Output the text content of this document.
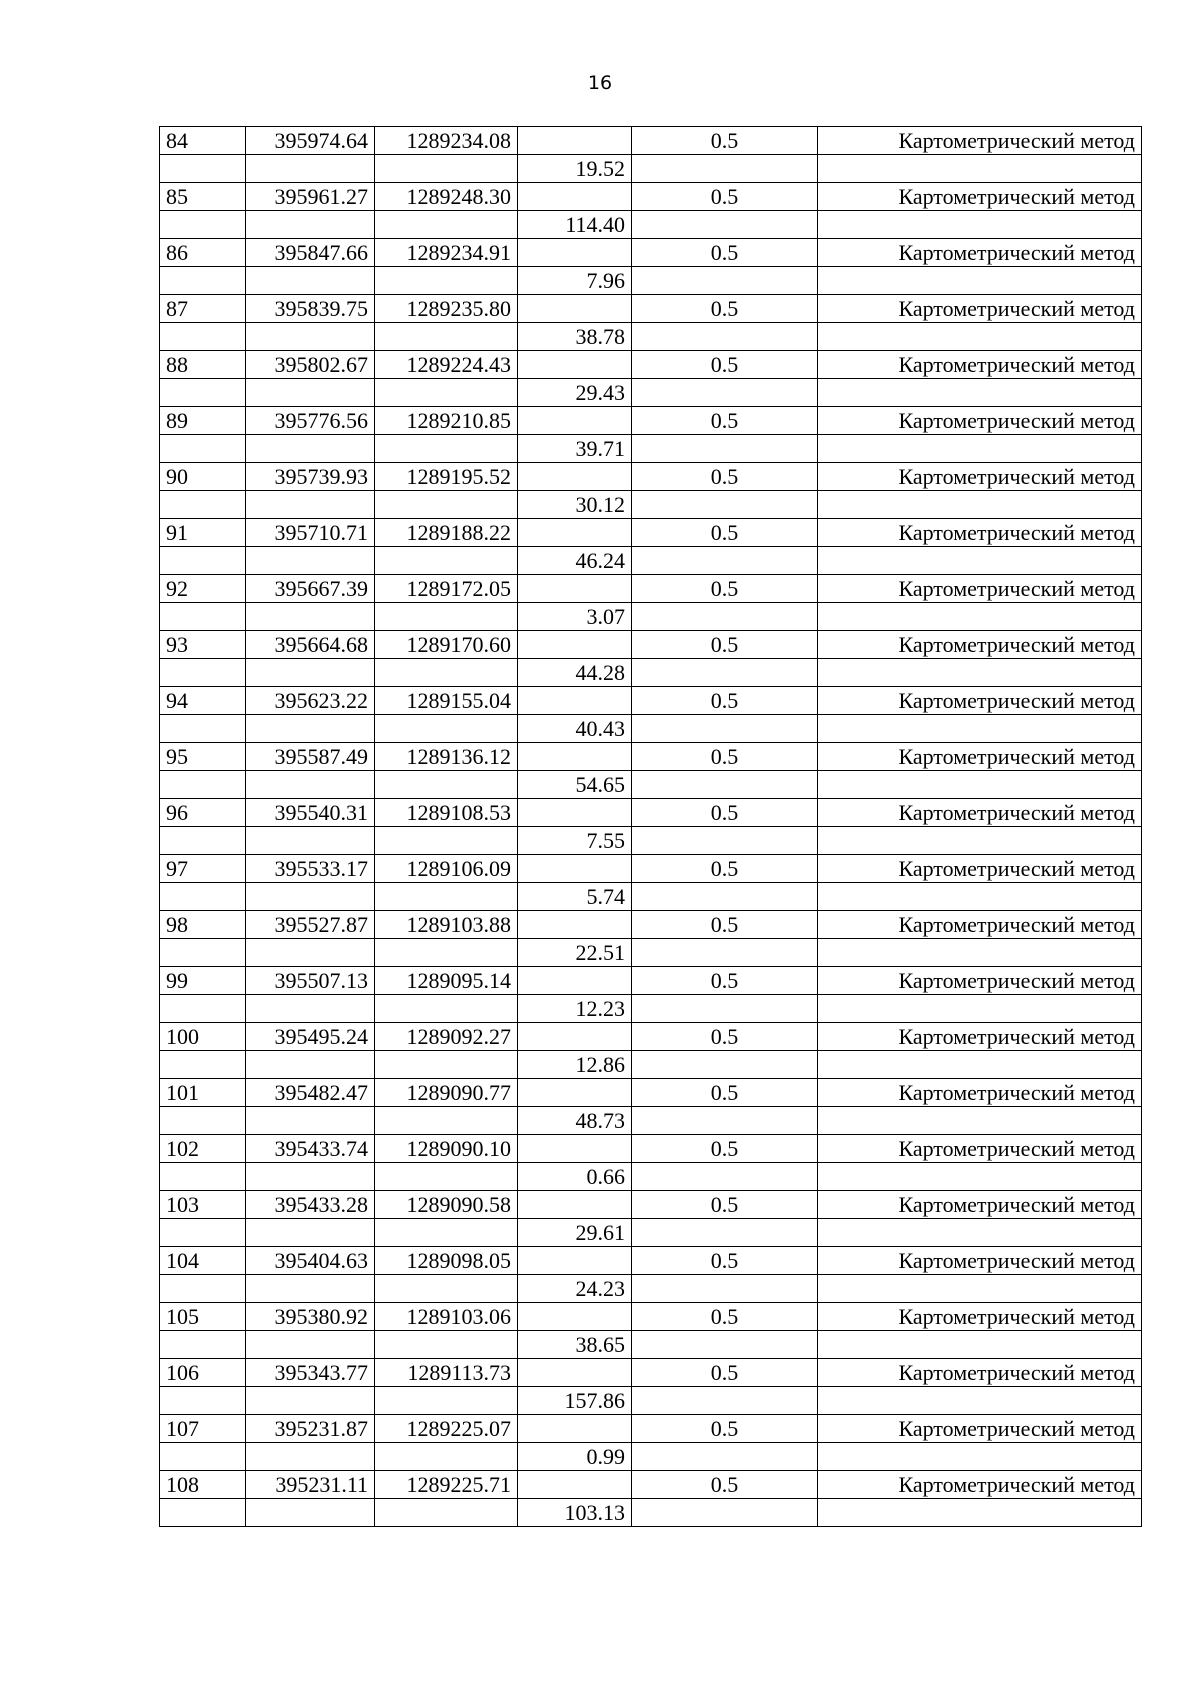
16
84	395974.64	1289234.08		0.5	Картометрический метод
			19.52		
85	395961.27	1289248.30		0.5	Картометрический метод
			114.40		
86	395847.66	1289234.91		0.5	Картометрический метод
			7.96		
87	395839.75	1289235.80		0.5	Картометрический метод
			38.78		
88	395802.67	1289224.43		0.5	Картометрический метод
			29.43		
89	395776.56	1289210.85		0.5	Картометрический метод
			39.71		
90	395739.93	1289195.52		0.5	Картометрический метод
			30.12		
91	395710.71	1289188.22		0.5	Картометрический метод
			46.24		
92	395667.39	1289172.05		0.5	Картометрический метод
			3.07		
93	395664.68	1289170.60		0.5	Картометрический метод
			44.28		
94	395623.22	1289155.04		0.5	Картометрический метод
			40.43		
95	395587.49	1289136.12		0.5	Картометрический метод
			54.65		
96	395540.31	1289108.53		0.5	Картометрический метод
			7.55		
97	395533.17	1289106.09		0.5	Картометрический метод
			5.74		
98	395527.87	1289103.88		0.5	Картометрический метод
			22.51		
99	395507.13	1289095.14		0.5	Картометрический метод
			12.23		
100	395495.24	1289092.27		0.5	Картометрический метод
			12.86		
101	395482.47	1289090.77		0.5	Картометрический метод
			48.73		
102	395433.74	1289090.10		0.5	Картометрический метод
			0.66		
103	395433.28	1289090.58		0.5	Картометрический метод
			29.61		
104	395404.63	1289098.05		0.5	Картометрический метод
			24.23		
105	395380.92	1289103.06		0.5	Картометрический метод
			38.65		
106	395343.77	1289113.73		0.5	Картометрический метод
			157.86		
107	395231.87	1289225.07		0.5	Картометрический метод
			0.99		
108	395231.11	1289225.71		0.5	Картометрический метод
			103.13		
